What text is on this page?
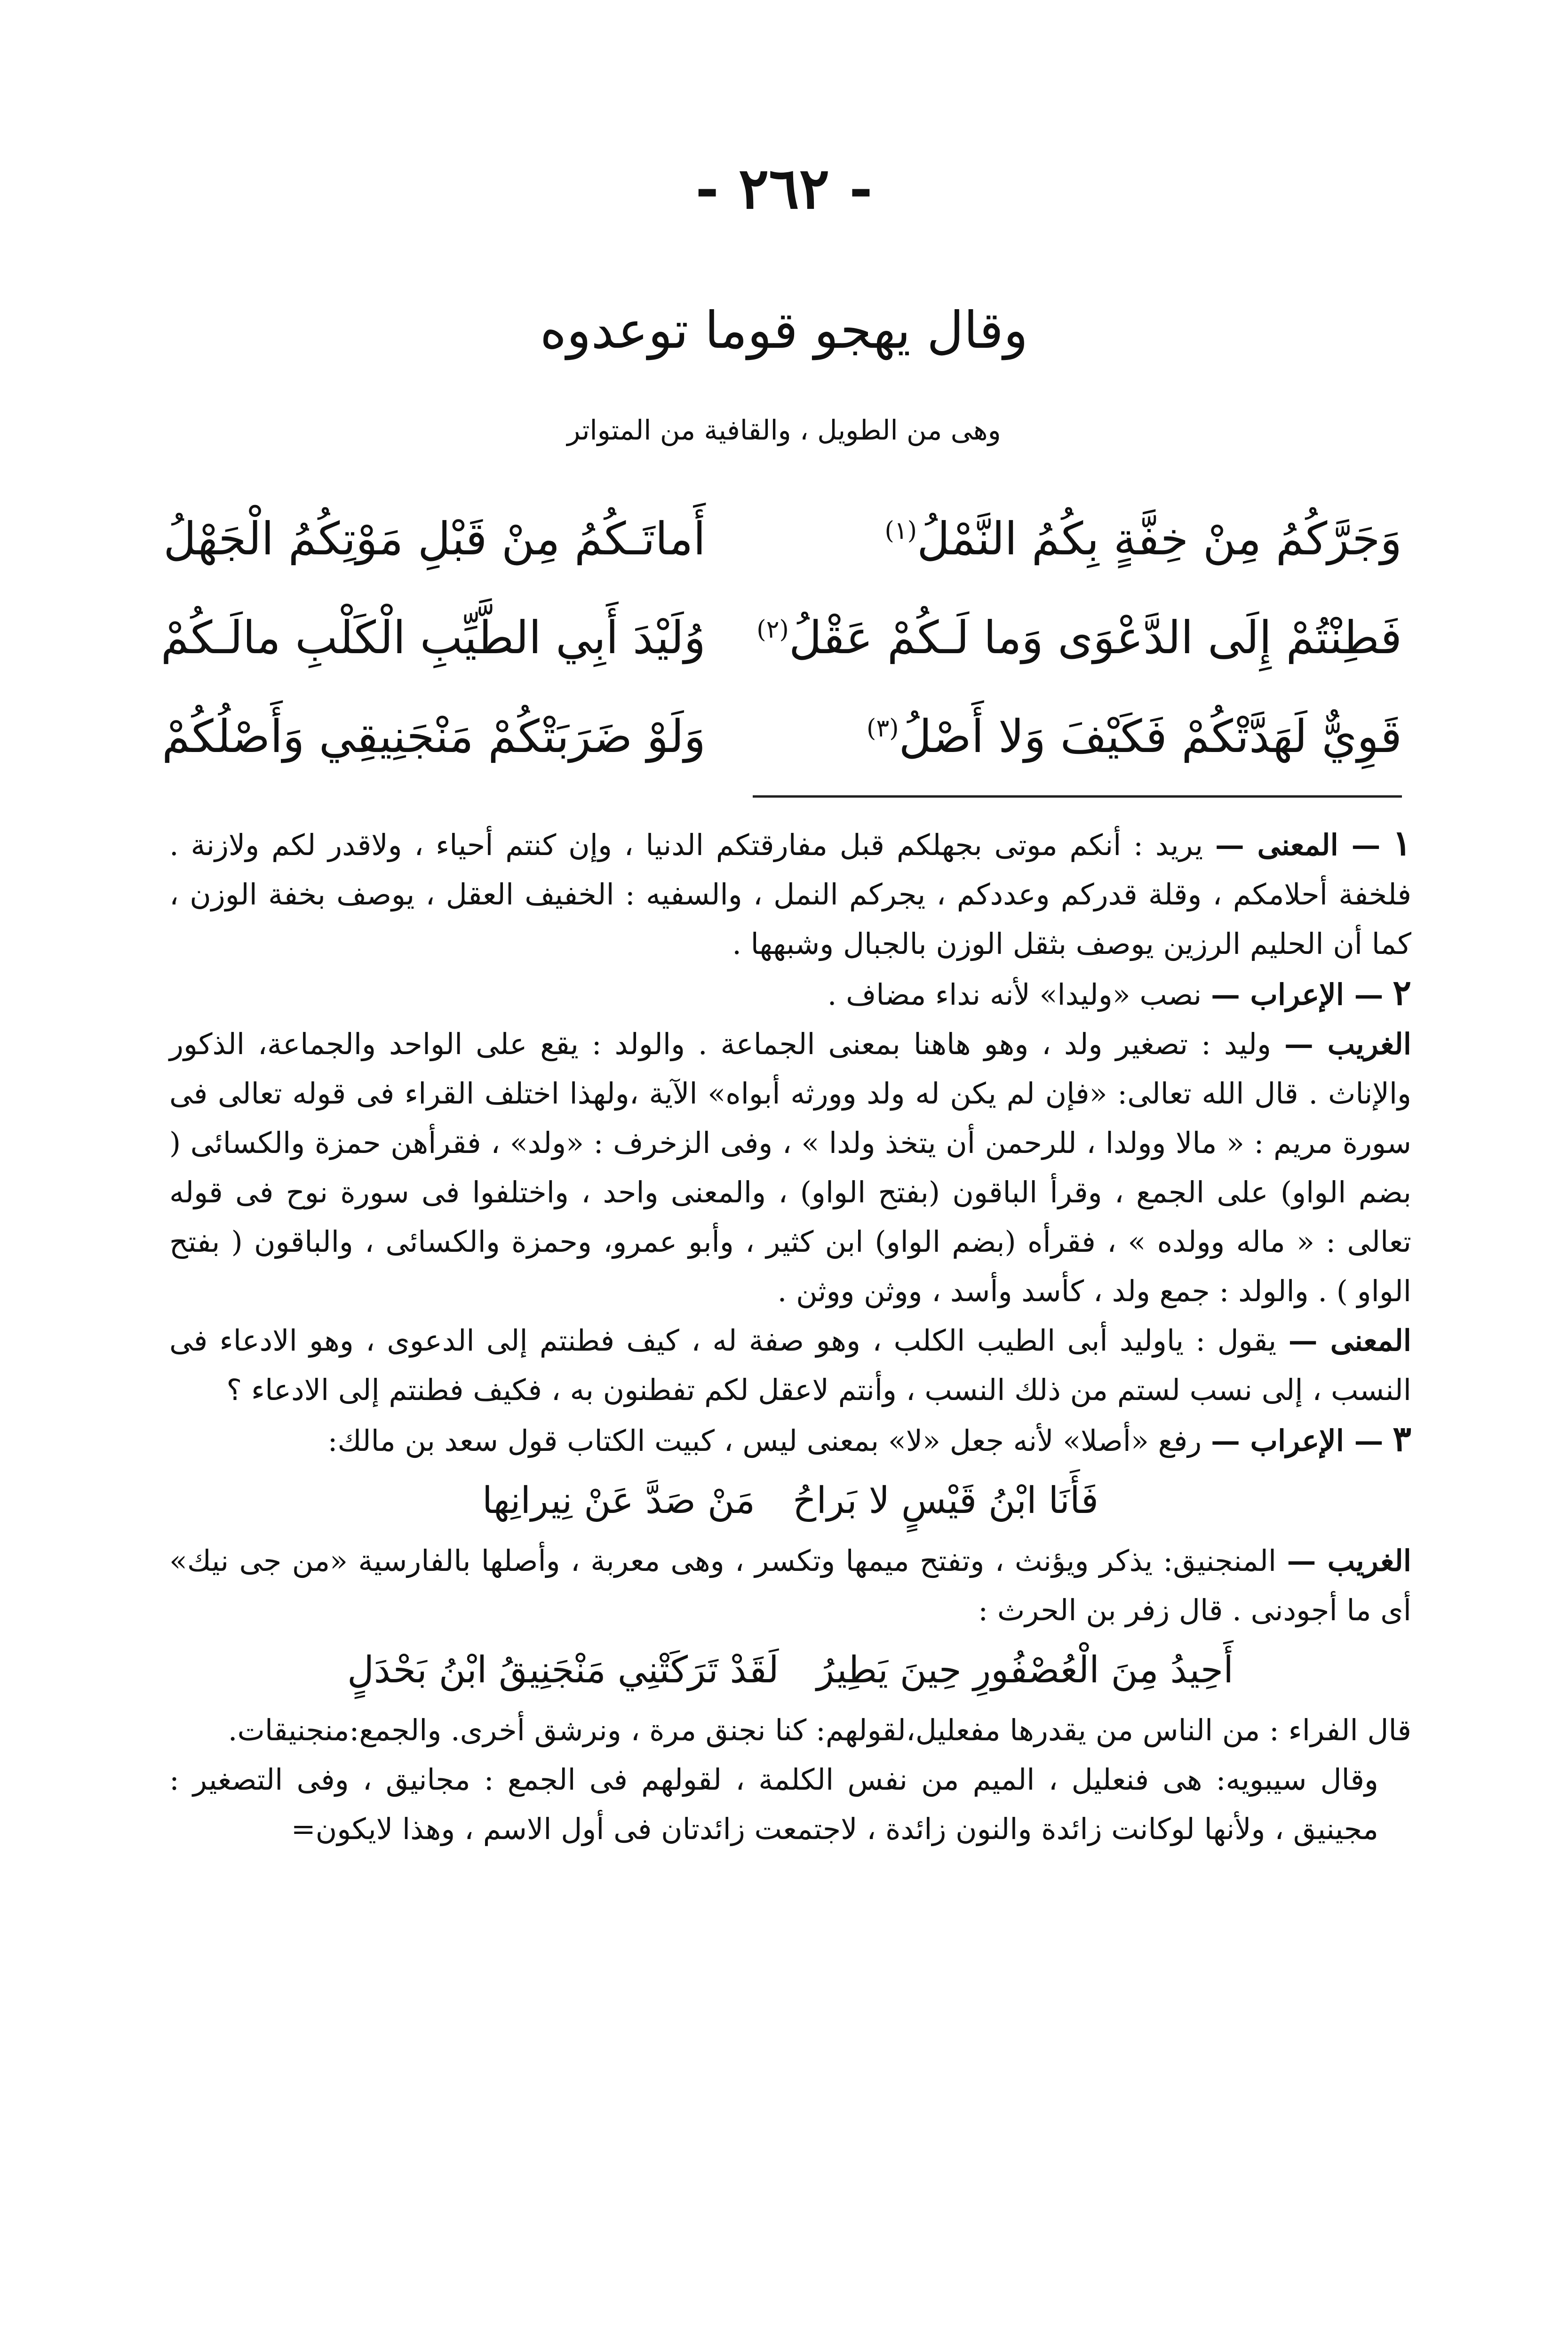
- ٢٦٢ -
وقال يهجو قوما توعدوه
وهى من الطويل ، والقافية من المتواتر
أَماتَـكُمُ مِنْ قَبْلِ مَوْتِكُمُ الْجَهْلُ	وَجَرَّكُمُ مِنْ خِفَّةٍ بِكُمُ النَّمْلُ$^{(١)}$
وُلَيْدَ أَبِي الطَّيِّبِ الْكَلْبِ مالَـكُمْ فَطِنْتُمْ إِلَى الدَّعْوَى وَما لَـكُمْ عَقْلُ$^{(٢)}$
وَلَوْ ضَرَبَتْكُمْ مَنْجَنِيقِي وَأَصْلُكُمْ	قَوِيٌّ لَهَدَّتْكُمْ فَكَيْفَ وَلا أَصْلُ$^{(٣)}$

١ — المعنى — يريد : أنكم موتى بجهلكم قبل مفارقتكم الدنيا ، وإن كنتم أحياء ، ولاقدر لكم ولازنة . فلخفة أحلامكم ، وقلة قدركم وعددكم ، يجركم النمل ، والسفيه : الخفيف العقل ، يوصف بخفة الوزن ، كما أن الحليم الرزين يوصف بثقل الوزن بالجبال وشبهها .

٢ — الإعراب — نصب «وليدا» لأنه نداء مضاف .

الغريب — وليد : تصغير ولد ، وهو هاهنا بمعنى الجماعة . والولد : يقع على الواحد والجماعة، الذكور والإناث . قال الله تعالى: «فإن لم يكن له ولد وورثه أبواه» الآية ،ولهذا اختلف القراء فى قوله تعالى فى سورة مريم : « مالا وولدا ، للرحمن أن يتخذ ولدا » ، وفى الزخرف : «ولد» ، فقرأهن حمزة والكسائى ( بضم الواو) على الجمع ، وقرأ الباقون (بفتح الواو) ، والمعنى واحد ، واختلفوا فى سورة نوح فى قوله تعالى : « ماله وولده » ، فقرأه (بضم الواو) ابن كثير ، وأبو عمرو، وحمزة والكسائى ، والباقون ( بفتح الواو ) . والولد : جمع ولد ، كأسد وأسد ، ووثن ووثن .

المعنى — يقول : ياوليد أبى الطيب الكلب ، وهو صفة له ، كيف فطنتم إلى الدعوى ، وهو الادعاء فى النسب ، إلى نسب لستم من ذلك النسب ، وأنتم لاعقل لكم تفطنون به ، فكيف فطنتم إلى الادعاء ؟

٣ — الإعراب — رفع «أصلا» لأنه جعل «لا» بمعنى ليس ، كبيت الكتاب قول سعد بن مالك:

مَنْ صَدَّ عَنْ نِيرانِها فَأَنَا ابْنُ قَيْسٍ لا بَراحُ

الغريب — المنجنيق: يذكر ويؤنث ، وتفتح ميمها وتكسر ، وهى معربة ، وأصلها بالفارسية «من جى نيك» أى ما أجودنى . قال زفر بن الحرث :

لَقَدْ تَرَكَتْنِي مَنْجَنِيقُ ابْنُ بَحْدَلٍ أَحِيدُ مِنَ الْعُصْفُورِ حِينَ يَطِيرُ

قال الفراء : من الناس من يقدرها مفعليل،لقولهم: كنا نجنق مرة ، ونرشق أخرى. والجمع:منجنيقات.

وقال سيبويه: هى فنعليل ، الميم من نفس الكلمة ، لقولهم فى الجمع : مجانيق ، وفى التصغير : مجينيق ، ولأنها لوكانت زائدة والنون زائدة ، لاجتمعت زائدتان فى أول الاسم ، وهذا لايكون=
